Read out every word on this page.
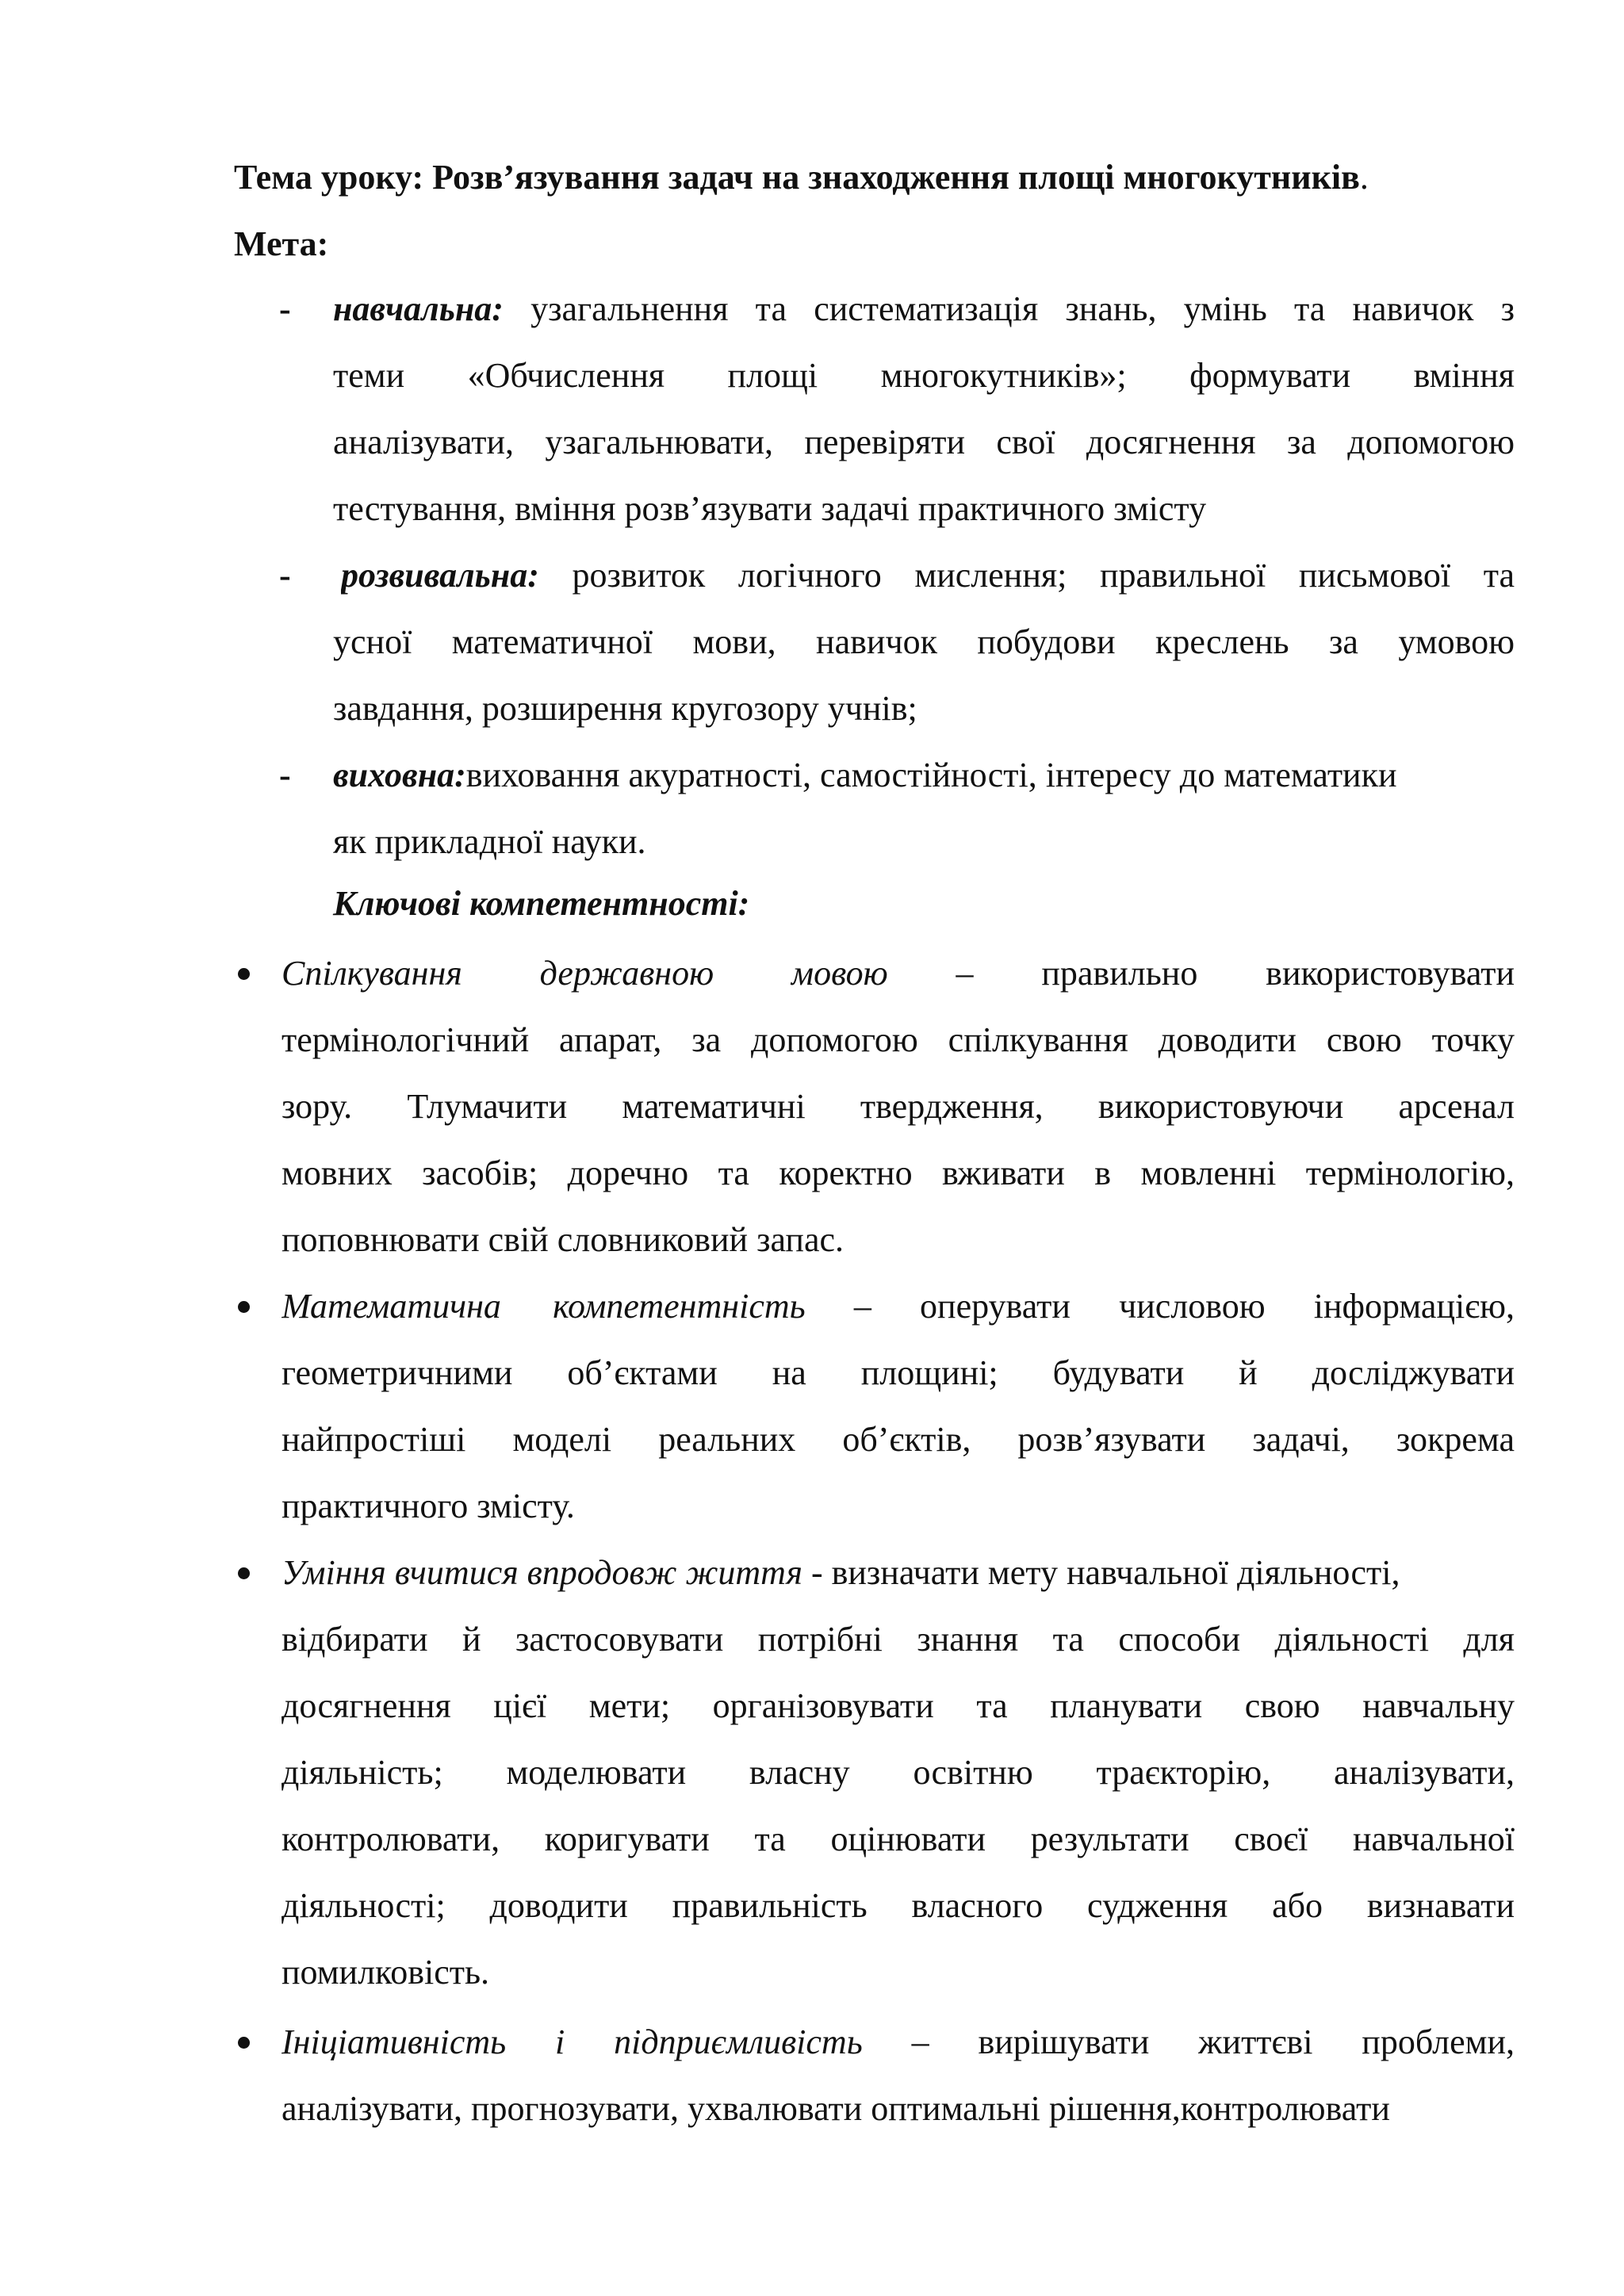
Тема уроку: Розв’язування задач на знаходження площі многокутників.

Мета:

- навчальна: узагальнення та систематизація знань, умінь та навичок з

теми «Обчислення площі многокутників»; формувати вміння

аналізувати, узагальнювати, перевіряти свої досягнення за допомогою

тестування, вміння розв’язувати задачі практичного змісту

- розвивальна: розвиток логічного мислення; правильної письмової та

усної математичної мови, навичок побудови креслень за умовою

завдання, розширення кругозору учнів;

- виховна:виховання акуратності, самостійності, інтересу до математики

як прикладної науки.

Ключові компетентності:

Спілкування державною мовою – правильно використовувати

термінологічний апарат, за допомогою спілкування доводити свою точку

зору. Тлумачити математичні твердження, використовуючи арсенал

мовних засобів; доречно та коректно вживати в мовленні термінологію,

поповнювати свій словниковий запас.

Математична компетентність – оперувати числовою інформацією,

геометричними об’єктами на площині; будувати й досліджувати

найпростіші моделі реальних об’єктів, розв’язувати задачі, зокрема

практичного змісту.

Уміння вчитися впродовж життя - визначати мету навчальної діяльності,

відбирати й застосовувати потрібні знання та способи діяльності для

досягнення цієї мети; організовувати та планувати свою навчальну

діяльність; моделювати власну освітню траєкторію, аналізувати,

контролювати, коригувати та оцінювати результати своєї навчальної

діяльності; доводити правильність власного судження або визнавати

помилковість.

Ініціативність і підприємливість – вирішувати життєві проблеми,

аналізувати, прогнозувати, ухвалювати оптимальні рішення,контролювати
